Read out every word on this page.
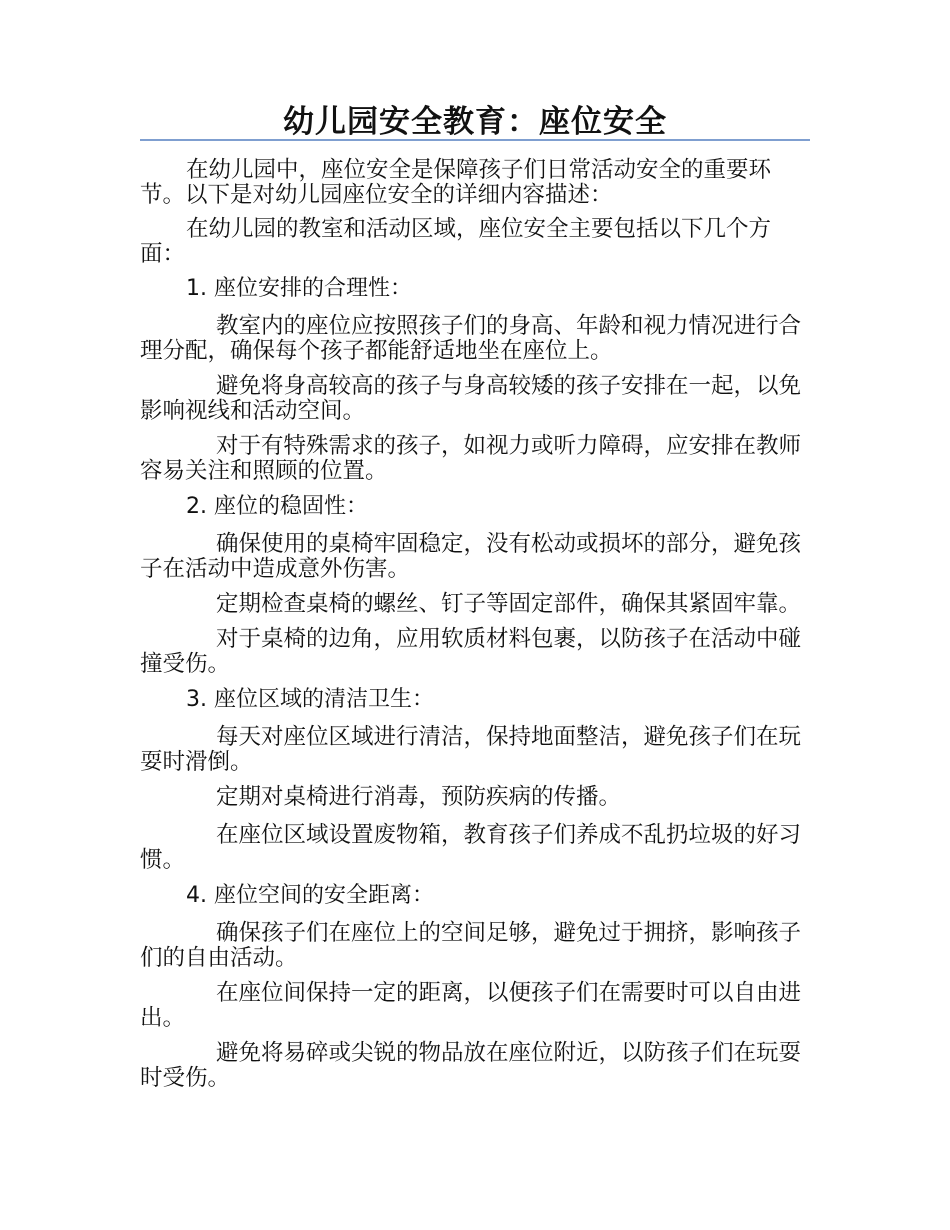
幼儿园安全教育：座位安全

在幼儿园中，座位安全是保障孩子们日常活动安全的重要环节。以下是对幼儿园座位安全的详细内容描述：

在幼儿园的教室和活动区域，座位安全主要包括以下几个方面：

1. 座位安排的合理性：

教室内的座位应按照孩子们的身高、年龄和视力情况进行合理分配，确保每个孩子都能舒适地坐在座位上。

避免将身高较高的孩子与身高较矮的孩子安排在一起，以免影响视线和活动空间。

对于有特殊需求的孩子，如视力或听力障碍，应安排在教师容易关注和照顾的位置。

2. 座位的稳固性：

确保使用的桌椅牢固稳定，没有松动或损坏的部分，避免孩子在活动中造成意外伤害。

定期检查桌椅的螺丝、钉子等固定部件，确保其紧固牢靠。

对于桌椅的边角，应用软质材料包裹，以防孩子在活动中碰撞受伤。

3. 座位区域的清洁卫生：

每天对座位区域进行清洁，保持地面整洁，避免孩子们在玩耍时滑倒。

定期对桌椅进行消毒，预防疾病的传播。

在座位区域设置废物箱，教育孩子们养成不乱扔垃圾的好习惯。

4. 座位空间的安全距离：

确保孩子们在座位上的空间足够，避免过于拥挤，影响孩子们的自由活动。

在座位间保持一定的距离，以便孩子们在需要时可以自由进出。

避免将易碎或尖锐的物品放在座位附近，以防孩子们在玩耍时受伤。
